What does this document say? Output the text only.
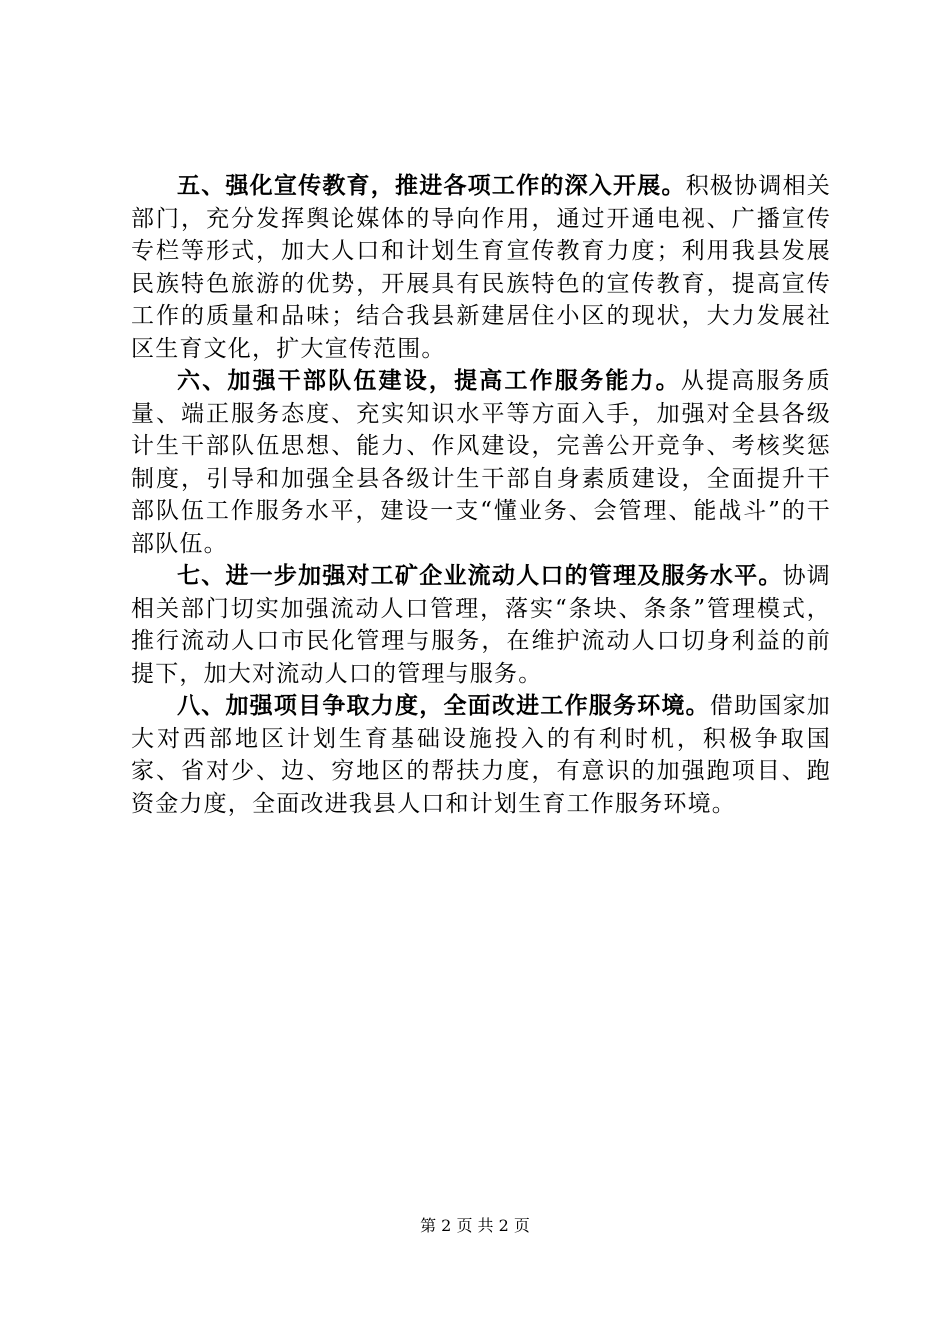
五、强化宣传教育，推进各项工作的深入开展。积极协调相关部门，充分发挥舆论媒体的导向作用，通过开通电视、广播宣传专栏等形式，加大人口和计划生育宣传教育力度；利用我县发展民族特色旅游的优势，开展具有民族特色的宣传教育，提高宣传工作的质量和品味；结合我县新建居住小区的现状，大力发展社区生育文化，扩大宣传范围。

六、加强干部队伍建设，提高工作服务能力。从提高服务质量、端正服务态度、充实知识水平等方面入手，加强对全县各级计生干部队伍思想、能力、作风建设，完善公开竞争、考核奖惩制度，引导和加强全县各级计生干部自身素质建设，全面提升干部队伍工作服务水平，建设一支“懂业务、会管理、能战斗”的干部队伍。

七、进一步加强对工矿企业流动人口的管理及服务水平。协调相关部门切实加强流动人口管理，落实“条块、条条”管理模式，推行流动人口市民化管理与服务，在维护流动人口切身利益的前提下，加大对流动人口的管理与服务。

八、加强项目争取力度，全面改进工作服务环境。借助国家加大对西部地区计划生育基础设施投入的有利时机，积极争取国家、省对少、边、穷地区的帮扶力度，有意识的加强跑项目、跑资金力度，全面改进我县人口和计划生育工作服务环境。

第 2 页 共 2 页
